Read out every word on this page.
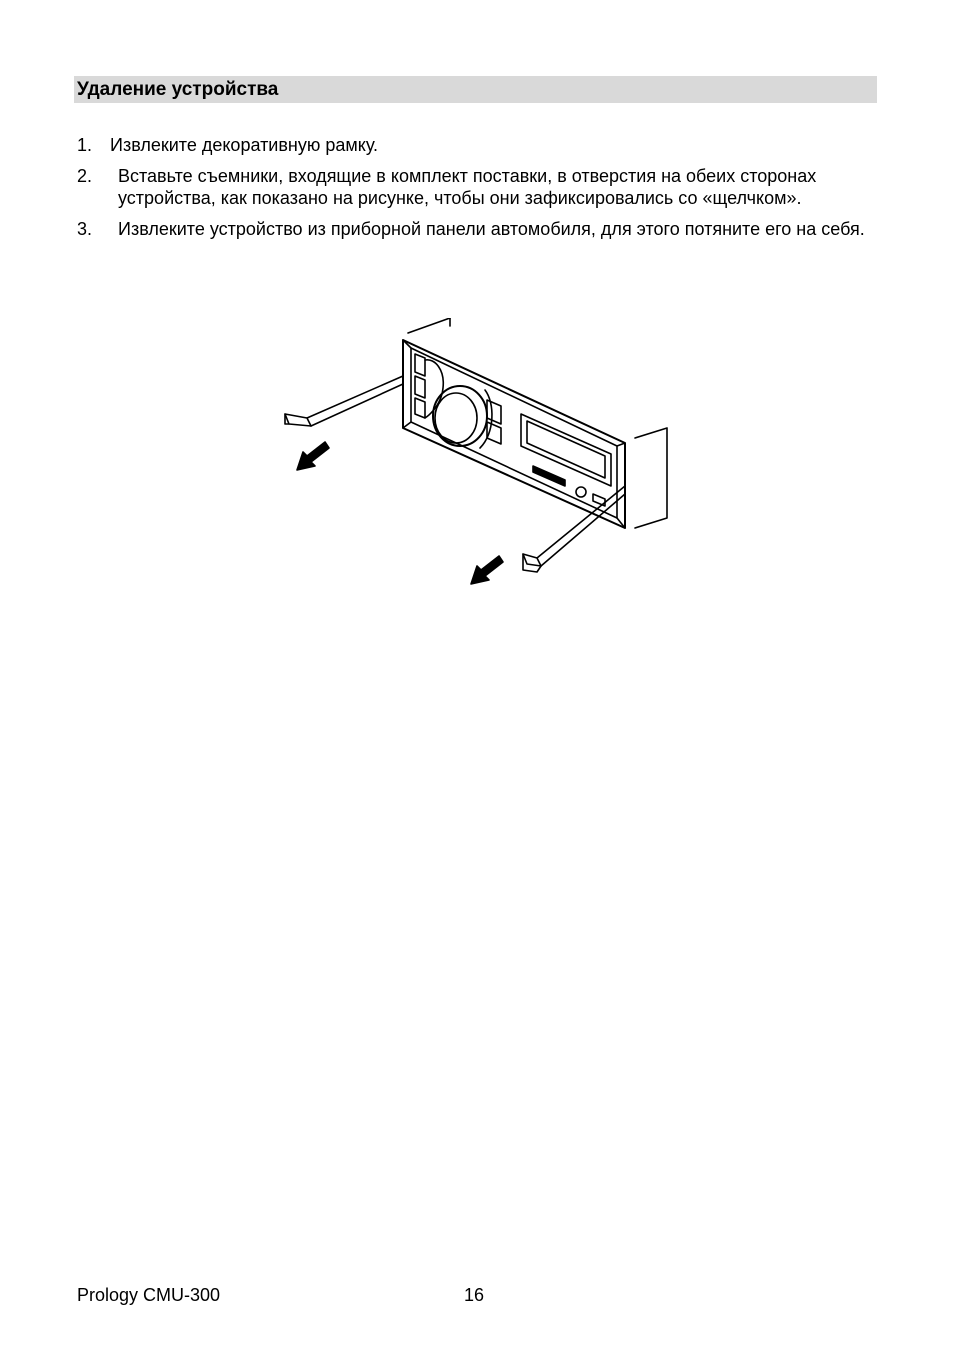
Удаление устройства
1. Извлеките декоративную рамку.
2. Вставьте съемники, входящие в комплект поставки, в отверстия на обеих сторонах устройства, как показано на рисунке, чтобы они зафиксировались со «щелчком».
3. Извлеките устройство из приборной панели автомобиля, для этого потяните его на себя.
Prology CMU-300	16
